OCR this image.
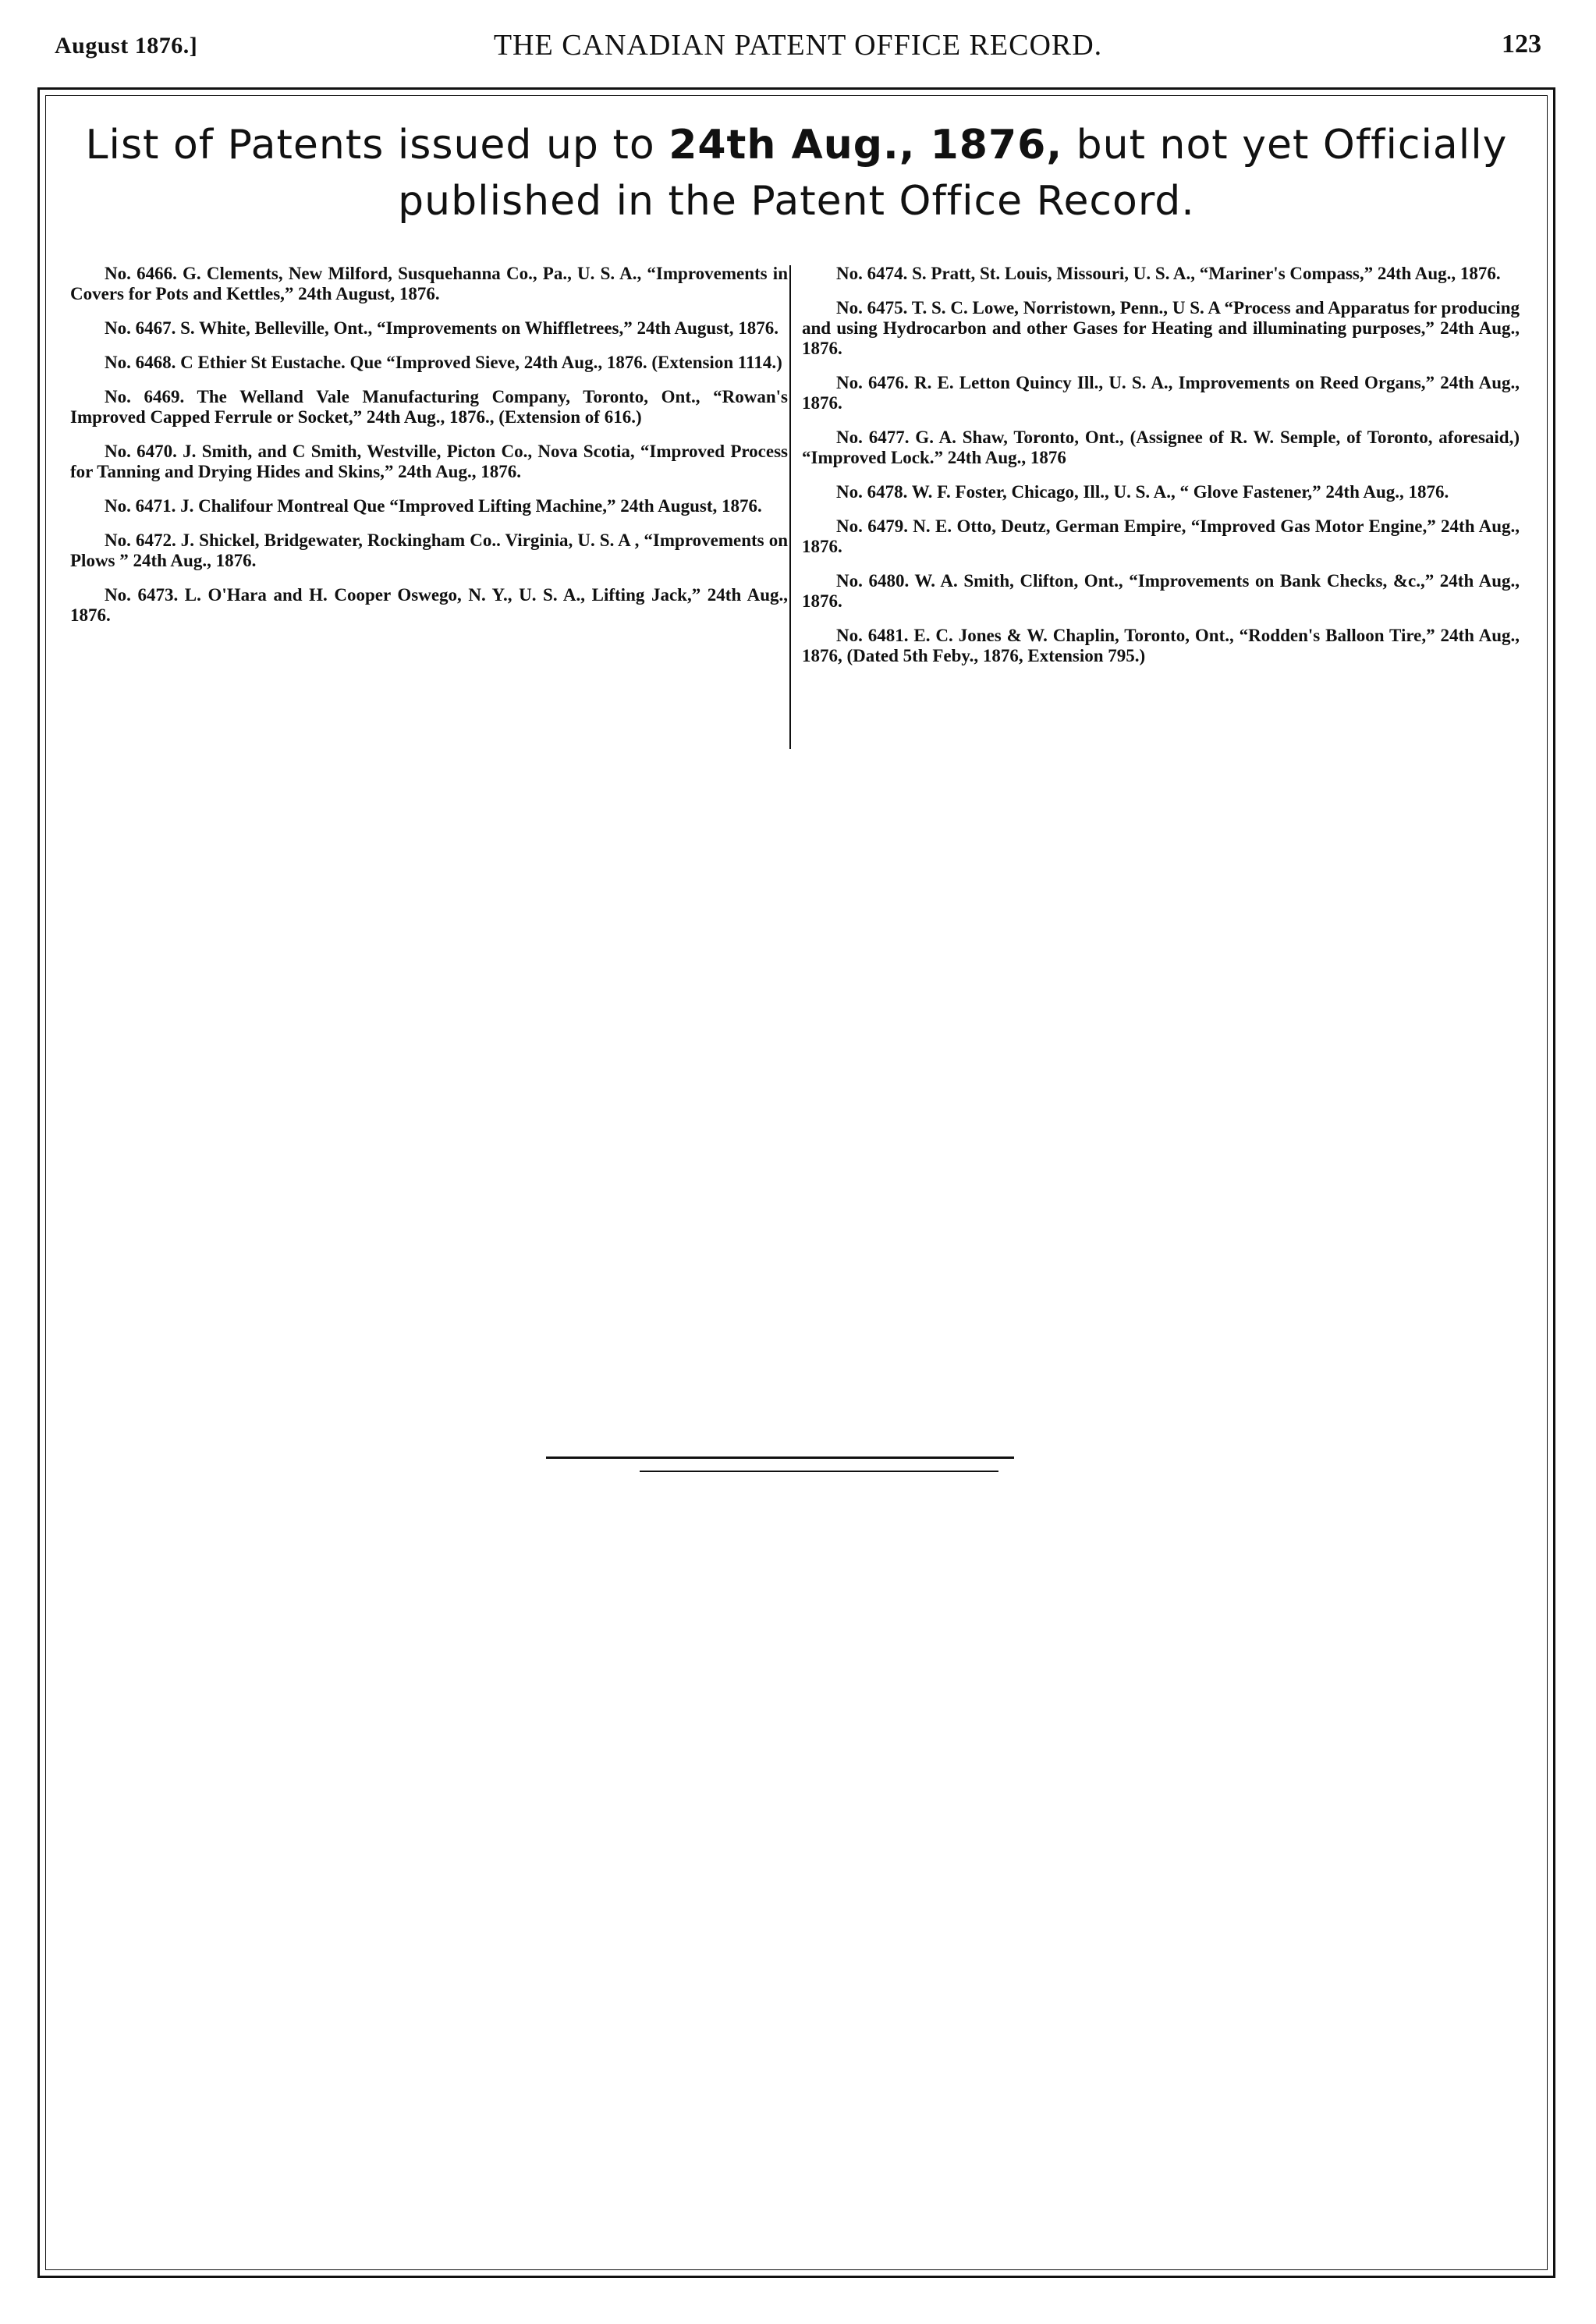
August 1876.]	THE CANADIAN PATENT OFFICE RECORD.	123
List of Patents issued up to 24th Aug., 1876, but not yet Officially
published in the Patent Office Record.

No. 6466. G. Clements, New Milford, Susquehanna Co., Pa., U. S. A., “Improvements in Covers for Pots and Kettles,” 24th August, 1876.

No. 6467. S. White, Belleville, Ont., “Improvements on Whiffletrees,” 24th August, 1876.

No. 6468. C Ethier St Eustache. Que “Improved Sieve, 24th Aug., 1876. (Extension 1114.)

No. 6469. The Welland Vale Manufacturing Company, Toronto, Ont., “Rowan's Improved Capped Ferrule or Socket,” 24th Aug., 1876., (Extension of 616.)

No. 6470. J. Smith, and C Smith, Westville, Picton Co., Nova Scotia, “Improved Process for Tanning and Drying Hides and Skins,” 24th Aug., 1876.

No. 6471. J. Chalifour Montreal Que “Improved Lifting Machine,” 24th August, 1876.

No. 6472. J. Shickel, Bridgewater, Rockingham Co.. Virginia, U. S. A , “Improvements on Plows ” 24th Aug., 1876.

No. 6473. L. O'Hara and H. Cooper Oswego, N. Y., U. S. A., Lifting Jack,” 24th Aug., 1876.

No. 6474. S. Pratt, St. Louis, Missouri, U. S. A., “Mariner's Compass,” 24th Aug., 1876.

No. 6475. T. S. C. Lowe, Norristown, Penn., U S. A “Process and Apparatus for producing and using Hydrocarbon and other Gases for Heating and illuminating purposes,” 24th Aug., 1876.

No. 6476. R. E. Letton Quincy Ill., U. S. A., Improvements on Reed Organs,” 24th Aug., 1876.

No. 6477. G. A. Shaw, Toronto, Ont., (Assignee of R. W. Semple, of Toronto, aforesaid,) “Improved Lock.” 24th Aug., 1876

No. 6478. W. F. Foster, Chicago, Ill., U. S. A., “ Glove Fastener,” 24th Aug., 1876.

No. 6479. N. E. Otto, Deutz, German Empire, “Improved Gas Motor Engine,” 24th Aug., 1876.

No. 6480. W. A. Smith, Clifton, Ont., “Improvements on Bank Checks, &c.,” 24th Aug., 1876.

No. 6481. E. C. Jones & W. Chaplin, Toronto, Ont., “Rodden's Balloon Tire,” 24th Aug., 1876, (Dated 5th Feby., 1876, Extension 795.)
